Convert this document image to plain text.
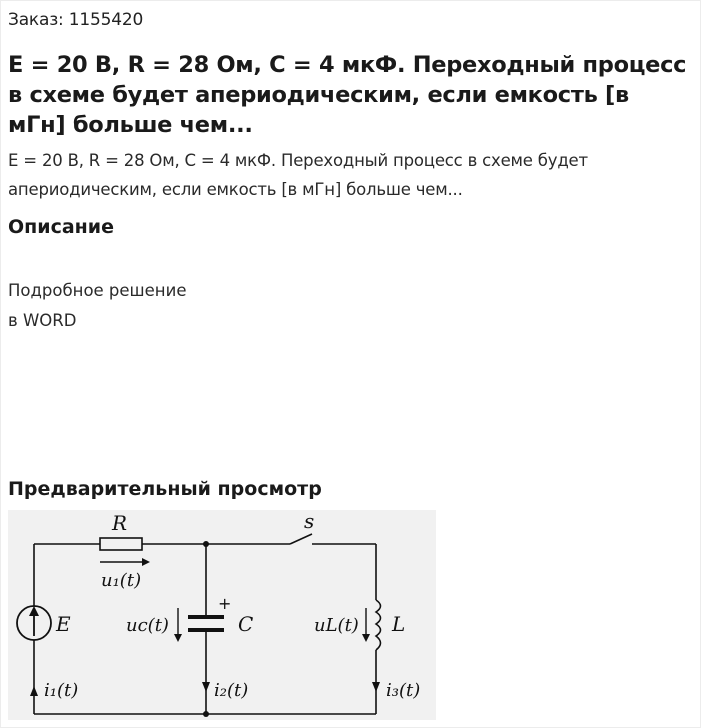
Заказ: 1155420
E = 20 В, R = 28 Ом, C = 4 мкФ. Переходный процесс в схеме будет апериодическим, если емкость [в мГн] больше чем...
E = 20 В, R = 28 Ом, C = 4 мкФ. Переходный процесс в схеме будет апериодическим, если емкость [в мГн] больше чем...
Описание
Подробное решение
в WORD
Предварительный просмотр
R	s
E	C
+
L
u₁(t)
uc(t)	uL(t)
i₁(t)	i₂(t)	i₃(t)
